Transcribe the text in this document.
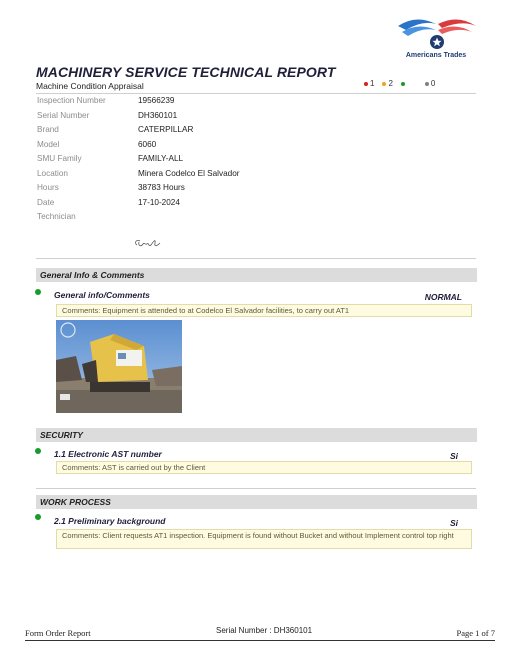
Americans Trades
MACHINERY SERVICE TECHNICAL REPORT
Machine Condition Appraisal	1 2	0
Inspection Number	19566239
Serial Number	DH360101
Brand	CATERPILLAR
Model	6060
SMU Family	FAMILY-ALL
Location	Minera Codelco El Salvador
Hours	38783 Hours
Date	17-10-2024
Technician
General Info & Comments
General info/Comments	NORMAL
Comments: Equipment is attended to at Codelco El Salvador facilities, to carry out AT1
SECURITY
1.1 Electronic AST number	Si
Comments: AST is carried out by the Client
WORK PROCESS
2.1 Preliminary background	Si
Comments: Client requests AT1 inspection. Equipment is found without Bucket and without Implement control top right
Form Order Report	Serial Number : DH360101	Page 1 of 7
